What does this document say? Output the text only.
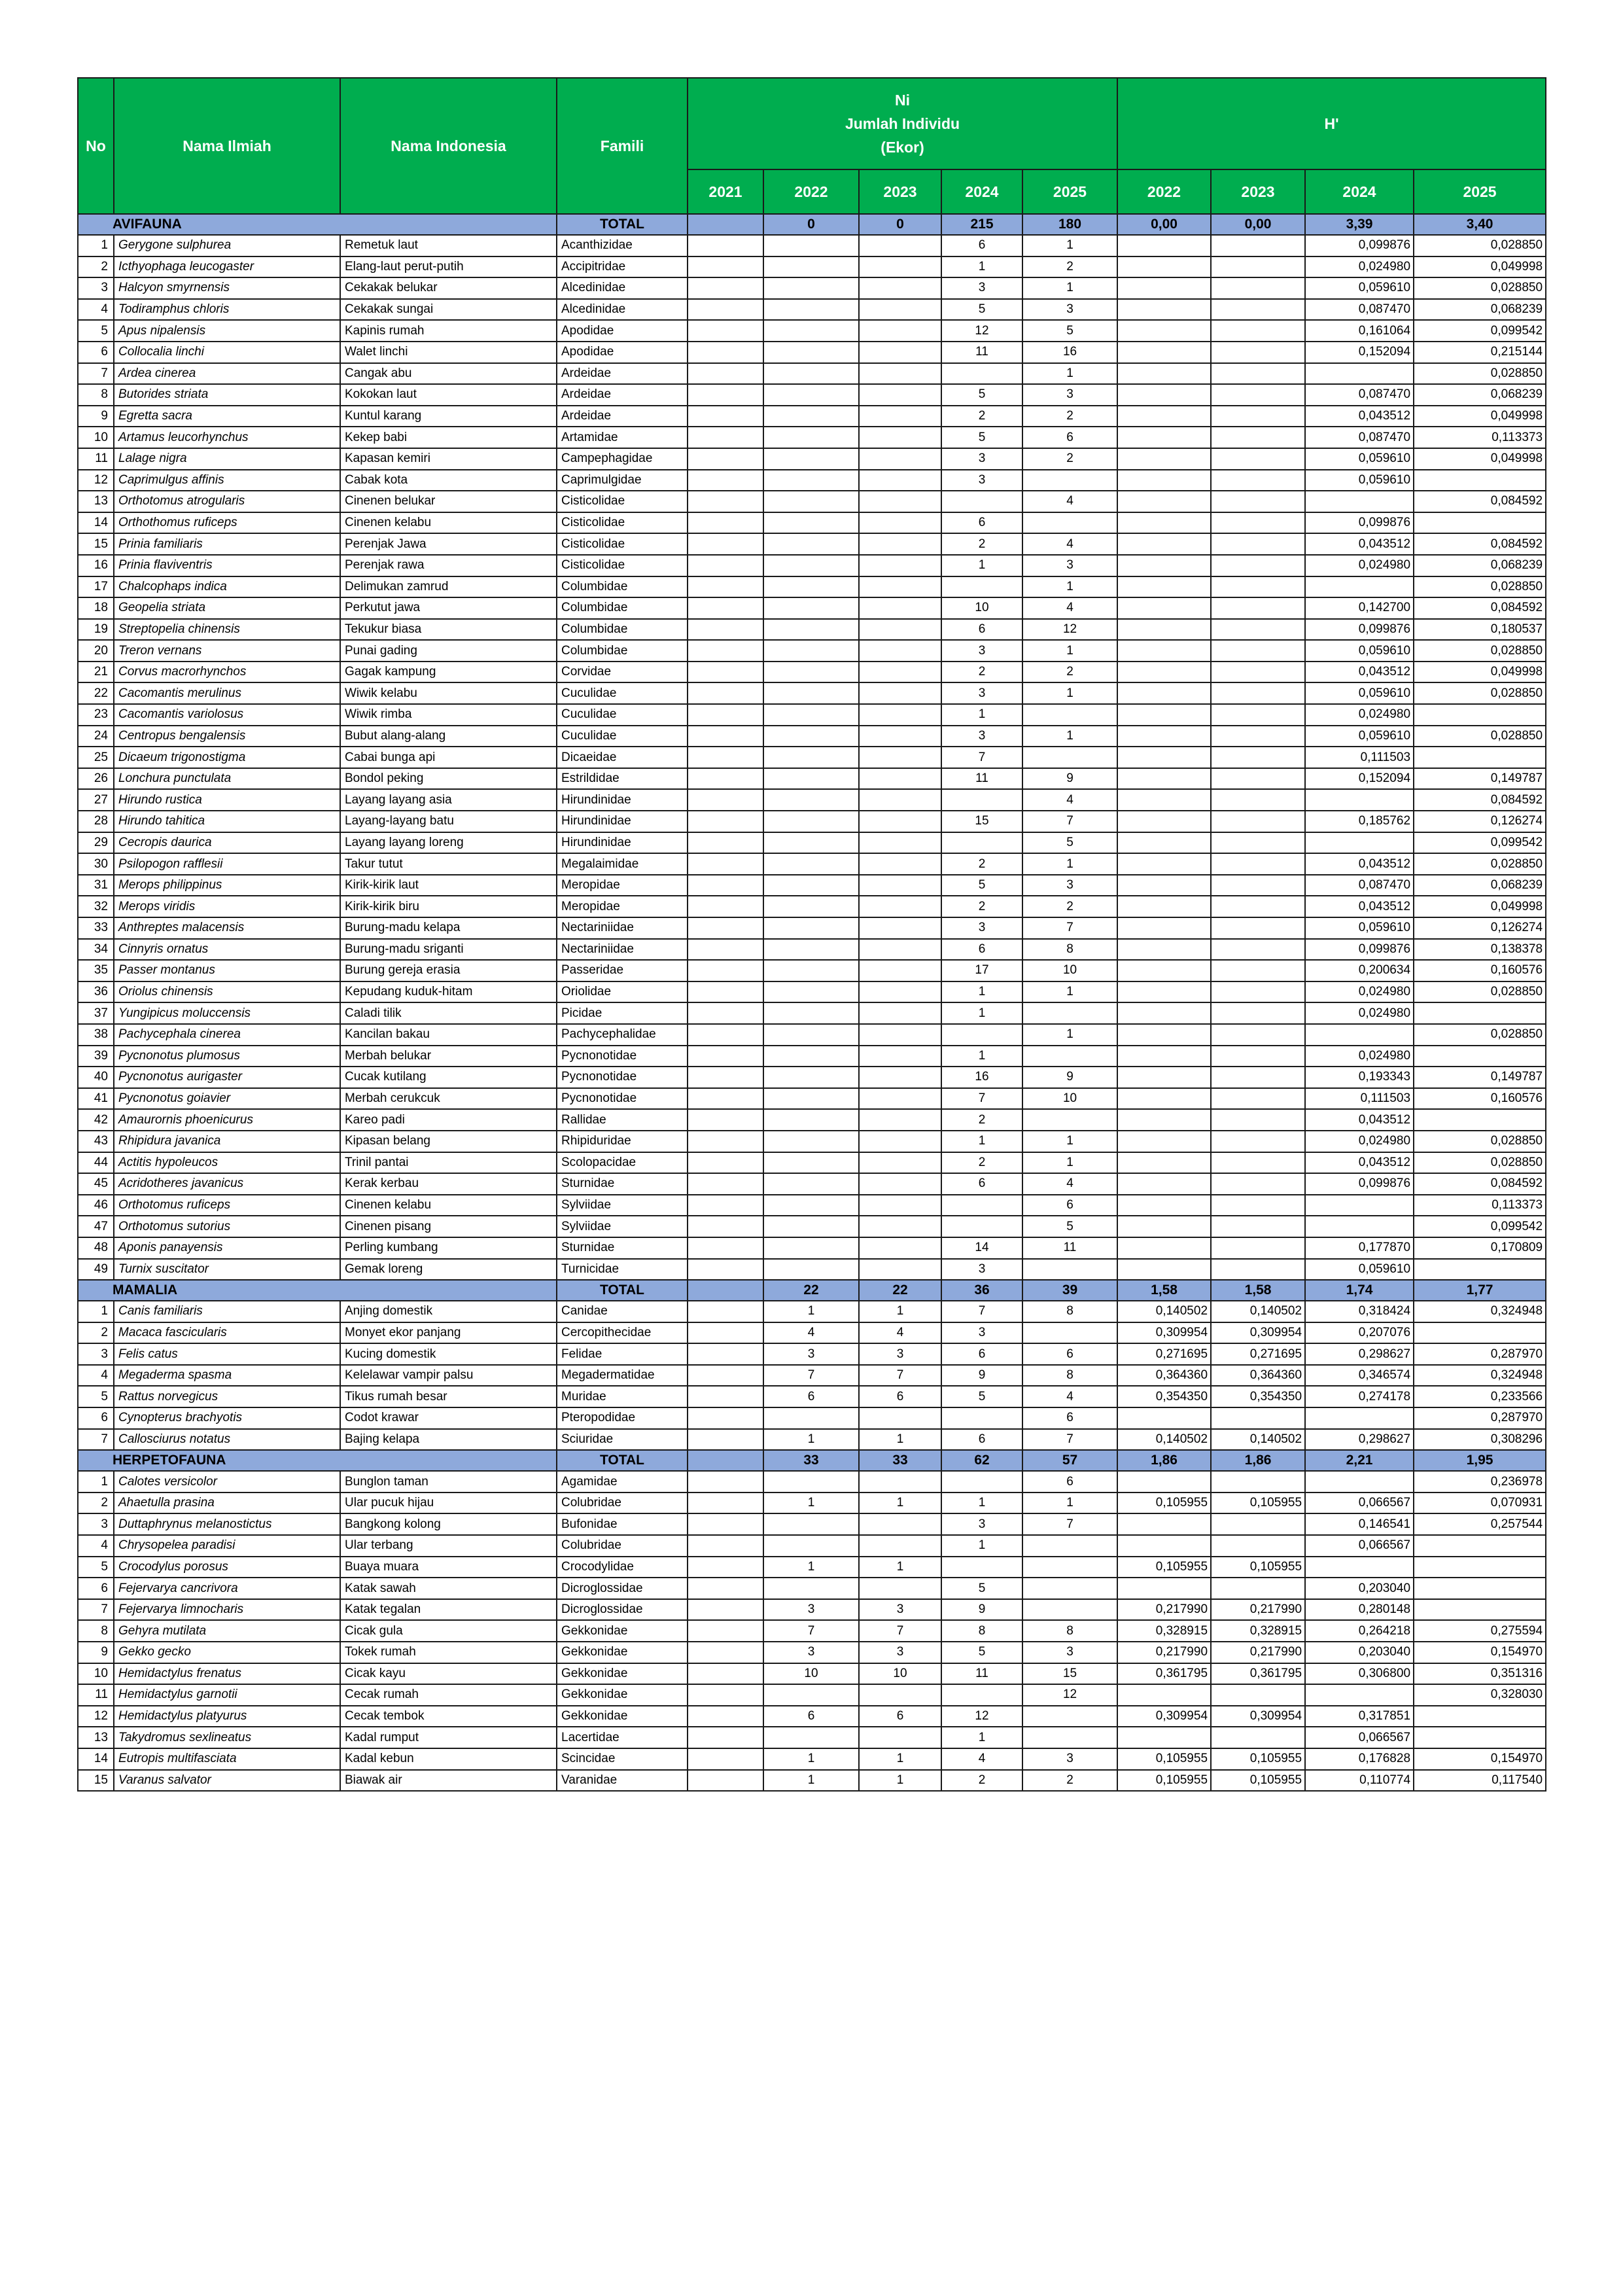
No	Nama Ilmiah	Nama Indonesia	Famili	Ni
Jumlah Individu
(Ekor)					H'			
				2021	2022	2023	2024	2025	2022	2023	2024	2025
AVIFAUNA			TOTAL		0	0	215	180	0,00	0,00	3,39	3,40
1	Gerygone sulphurea	Remetuk laut	Acanthizidae				6	1			0,099876	0,028850
2	Icthyophaga leucogaster	Elang-laut perut-putih	Accipitridae				1	2			0,024980	0,049998
3	Halcyon smyrnensis	Cekakak belukar	Alcedinidae				3	1			0,059610	0,028850
4	Todiramphus chloris	Cekakak sungai	Alcedinidae				5	3			0,087470	0,068239
5	Apus nipalensis	Kapinis rumah	Apodidae				12	5			0,161064	0,099542
6	Collocalia linchi	Walet linchi	Apodidae				11	16			0,152094	0,215144
7	Ardea cinerea	Cangak abu	Ardeidae					1				0,028850
8	Butorides striata	Kokokan laut	Ardeidae				5	3			0,087470	0,068239
9	Egretta sacra	Kuntul karang	Ardeidae				2	2			0,043512	0,049998
10	Artamus leucorhynchus	Kekep babi	Artamidae				5	6			0,087470	0,113373
11	Lalage nigra	Kapasan kemiri	Campephagidae				3	2			0,059610	0,049998
12	Caprimulgus affinis	Cabak kota	Caprimulgidae				3				0,059610	
13	Orthotomus atrogularis	Cinenen belukar	Cisticolidae					4				0,084592
14	Orthothomus ruficeps	Cinenen kelabu	Cisticolidae				6				0,099876	
15	Prinia familiaris	Perenjak Jawa	Cisticolidae				2	4			0,043512	0,084592
16	Prinia flaviventris	Perenjak rawa	Cisticolidae				1	3			0,024980	0,068239
17	Chalcophaps indica	Delimukan zamrud	Columbidae					1				0,028850
18	Geopelia striata	Perkutut jawa	Columbidae				10	4			0,142700	0,084592
19	Streptopelia chinensis	Tekukur biasa	Columbidae				6	12			0,099876	0,180537
20	Treron vernans	Punai gading	Columbidae				3	1			0,059610	0,028850
21	Corvus macrorhynchos	Gagak kampung	Corvidae				2	2			0,043512	0,049998
22	Cacomantis merulinus	Wiwik kelabu	Cuculidae				3	1			0,059610	0,028850
23	Cacomantis variolosus	Wiwik rimba	Cuculidae				1				0,024980	
24	Centropus bengalensis	Bubut alang-alang	Cuculidae				3	1			0,059610	0,028850
25	Dicaeum trigonostigma	Cabai bunga api	Dicaeidae				7				0,111503	
26	Lonchura punctulata	Bondol peking	Estrildidae				11	9			0,152094	0,149787
27	Hirundo rustica	Layang layang asia	Hirundinidae					4				0,084592
28	Hirundo tahitica	Layang-layang batu	Hirundinidae				15	7			0,185762	0,126274
29	Cecropis daurica	Layang layang loreng	Hirundinidae					5				0,099542
30	Psilopogon rafflesii	Takur tutut	Megalaimidae				2	1			0,043512	0,028850
31	Merops philippinus	Kirik-kirik laut	Meropidae				5	3			0,087470	0,068239
32	Merops viridis	Kirik-kirik biru	Meropidae				2	2			0,043512	0,049998
33	Anthreptes malacensis	Burung-madu kelapa	Nectariniidae				3	7			0,059610	0,126274
34	Cinnyris ornatus	Burung-madu sriganti	Nectariniidae				6	8			0,099876	0,138378
35	Passer montanus	Burung gereja erasia	Passeridae				17	10			0,200634	0,160576
36	Oriolus chinensis	Kepudang kuduk-hitam	Oriolidae				1	1			0,024980	0,028850
37	Yungipicus moluccensis	Caladi tilik	Picidae				1				0,024980	
38	Pachycephala cinerea	Kancilan bakau	Pachycephalidae					1				0,028850
39	Pycnonotus plumosus	Merbah belukar	Pycnonotidae				1				0,024980	
40	Pycnonotus aurigaster	Cucak kutilang	Pycnonotidae				16	9			0,193343	0,149787
41	Pycnonotus goiavier	Merbah cerukcuk	Pycnonotidae				7	10			0,111503	0,160576
42	Amaurornis phoenicurus	Kareo padi	Rallidae				2				0,043512	
43	Rhipidura javanica	Kipasan belang	Rhipiduridae				1	1			0,024980	0,028850
44	Actitis hypoleucos	Trinil pantai	Scolopacidae				2	1			0,043512	0,028850
45	Acridotheres javanicus	Kerak kerbau	Sturnidae				6	4			0,099876	0,084592
46	Orthotomus ruficeps	Cinenen kelabu	Sylviidae					6				0,113373
47	Orthotomus sutorius	Cinenen pisang	Sylviidae					5				0,099542
48	Aponis panayensis	Perling kumbang	Sturnidae				14	11			0,177870	0,170809
49	Turnix suscitator	Gemak loreng	Turnicidae				3				0,059610	
MAMALIA			TOTAL		22	22	36	39	1,58	1,58	1,74	1,77
1	Canis familiaris	Anjing domestik	Canidae		1	1	7	8	0,140502	0,140502	0,318424	0,324948
2	Macaca fascicularis	Monyet ekor panjang	Cercopithecidae		4	4	3		0,309954	0,309954	0,207076	
3	Felis catus	Kucing domestik	Felidae		3	3	6	6	0,271695	0,271695	0,298627	0,287970
4	Megaderma spasma	Kelelawar vampir palsu	Megadermatidae		7	7	9	8	0,364360	0,364360	0,346574	0,324948
5	Rattus norvegicus	Tikus rumah besar	Muridae		6	6	5	4	0,354350	0,354350	0,274178	0,233566
6	Cynopterus brachyotis	Codot krawar	Pteropodidae					6				0,287970
7	Callosciurus notatus	Bajing kelapa	Sciuridae		1	1	6	7	0,140502	0,140502	0,298627	0,308296
HERPETOFAUNA			TOTAL		33	33	62	57	1,86	1,86	2,21	1,95
1	Calotes versicolor	Bunglon taman	Agamidae					6				0,236978
2	Ahaetulla prasina	Ular pucuk hijau	Colubridae		1	1	1	1	0,105955	0,105955	0,066567	0,070931
3	Duttaphrynus melanostictus	Bangkong kolong	Bufonidae				3	7			0,146541	0,257544
4	Chrysopelea paradisi	Ular terbang	Colubridae				1				0,066567	
5	Crocodylus porosus	Buaya muara	Crocodylidae		1	1			0,105955	0,105955		
6	Fejervarya cancrivora	Katak sawah	Dicroglossidae				5				0,203040	
7	Fejervarya limnocharis	Katak tegalan	Dicroglossidae		3	3	9		0,217990	0,217990	0,280148	
8	Gehyra mutilata	Cicak gula	Gekkonidae		7	7	8	8	0,328915	0,328915	0,264218	0,275594
9	Gekko gecko	Tokek rumah	Gekkonidae		3	3	5	3	0,217990	0,217990	0,203040	0,154970
10	Hemidactylus frenatus	Cicak kayu	Gekkonidae		10	10	11	15	0,361795	0,361795	0,306800	0,351316
11	Hemidactylus garnotii	Cecak rumah	Gekkonidae					12				0,328030
12	Hemidactylus platyurus	Cecak tembok	Gekkonidae		6	6	12		0,309954	0,309954	0,317851	
13	Takydromus sexlineatus	Kadal rumput	Lacertidae				1				0,066567	
14	Eutropis multifasciata	Kadal kebun	Scincidae		1	1	4	3	0,105955	0,105955	0,176828	0,154970
15	Varanus salvator	Biawak air	Varanidae		1	1	2	2	0,105955	0,105955	0,110774	0,117540
